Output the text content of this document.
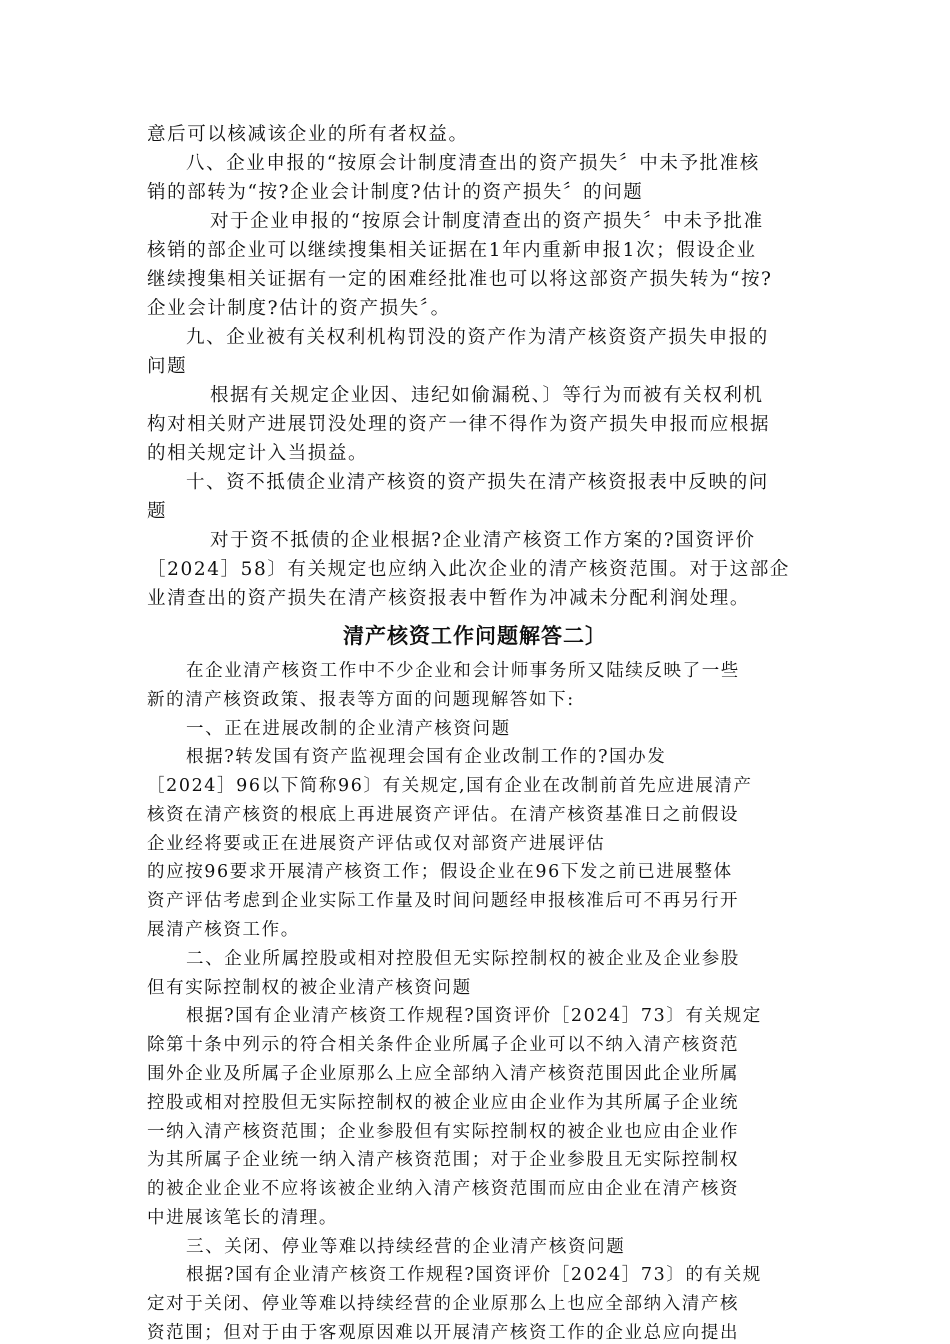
意后可以核减该企业的所有者权益。
八、企业申报的“按原会计制度清查出的资产损失〞中未予批准核
销的部转为“按?企业会计制度?估计的资产损失〞的问题
对于企业申报的“按原会计制度清查出的资产损失〞中未予批准
核销的部企业可以继续搜集相关证据在1年内重新申报1次；假设企业
继续搜集相关证据有一定的困难经批准也可以将这部资产损失转为“按?
企业会计制度?估计的资产损失〞。
九、企业被有关权利机构罚没的资产作为清产核资资产损失申报的
问题
根据有关规定企业因、违纪如偷漏税、〕等行为而被有关权利机
构对相关财产进展罚没处理的资产一律不得作为资产损失申报而应根据
的相关规定计入当损益。
十、资不抵债企业清产核资的资产损失在清产核资报表中反映的问
题
对于资不抵债的企业根据?企业清产核资工作方案的?国资评价
［2024］58〕有关规定也应纳入此次企业的清产核资范围。对于这部企
业清查出的资产损失在清产核资报表中暂作为冲减未分配利润处理。
清产核资工作问题解答二〕
在企业清产核资工作中不少企业和会计师事务所又陆续反映了一些
新的清产核资政策、报表等方面的问题现解答如下:
一、正在进展改制的企业清产核资问题
根据?转发国有资产监视理会国有企业改制工作的?国办发
［2024］96以下简称96〕有关规定,国有企业在改制前首先应进展清产
核资在清产核资的根底上再进展资产评估。在清产核资基准日之前假设
企业经将要或正在进展资产评估或仅对部资产进展评估
的应按96要求开展清产核资工作；假设企业在96下发之前已进展整体
资产评估考虑到企业实际工作量及时间问题经申报核准后可不再另行开
展清产核资工作。
二、企业所属控股或相对控股但无实际控制权的被企业及企业参股
但有实际控制权的被企业清产核资问题
根据?国有企业清产核资工作规程?国资评价［2024］73〕有关规定
除第十条中列示的符合相关条件企业所属子企业可以不纳入清产核资范
围外企业及所属子企业原那么上应全部纳入清产核资范围因此企业所属
控股或相对控股但无实际控制权的被企业应由企业作为其所属子企业统
一纳入清产核资范围；企业参股但有实际控制权的被企业也应由企业作
为其所属子企业统一纳入清产核资范围；对于企业参股且无实际控制权
的被企业企业不应将该被企业纳入清产核资范围而应由企业在清产核资
中进展该笔长的清理。
三、关闭、停业等难以持续经营的企业清产核资问题
根据?国有企业清产核资工作规程?国资评价［2024］73〕的有关规
定对于关闭、停业等难以持续经营的企业原那么上也应全部纳入清产核
资范围；但对于由于客观原因难以开展清产核资工作的企业总应向提出
